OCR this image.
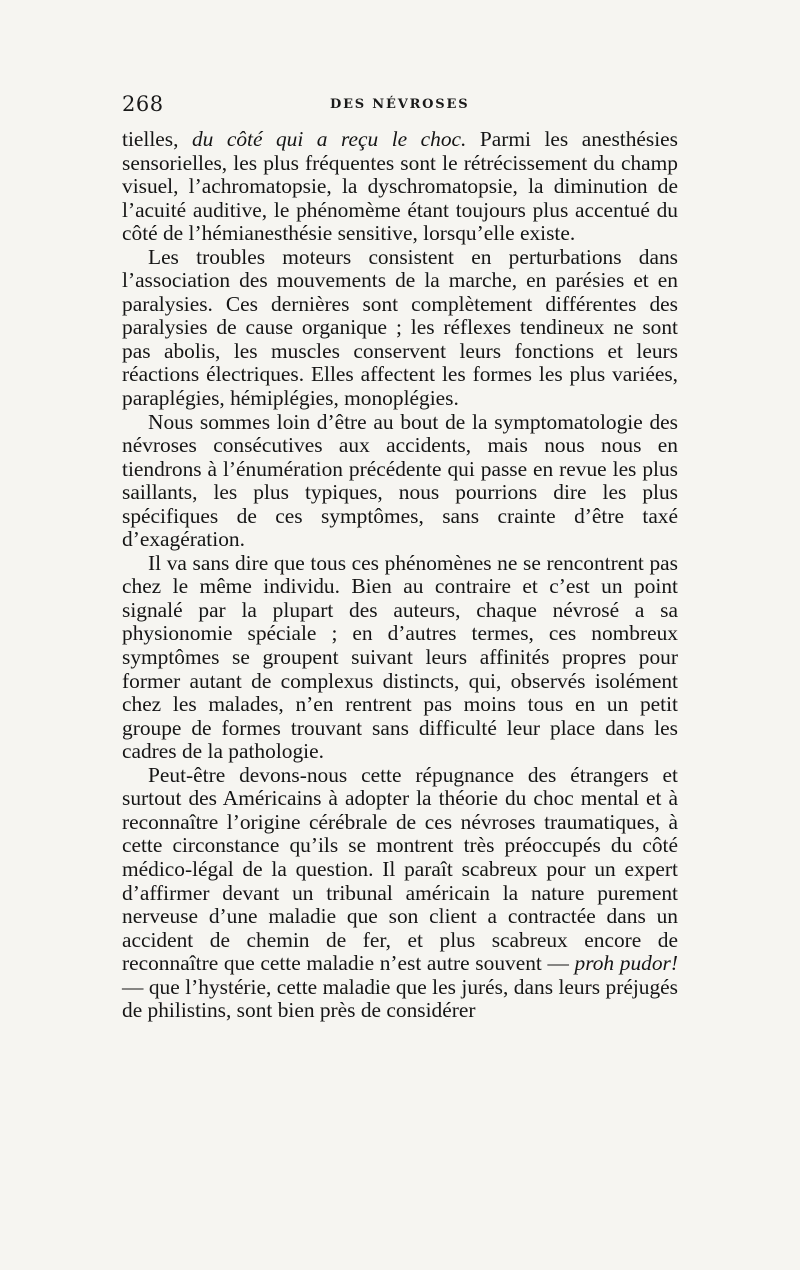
268	DES NÉVROSES

tielles, du côté qui a reçu le choc. Parmi les anesthésies sensorielles, les plus fréquentes sont le rétrécissement du champ visuel, l’achromatopsie, la dyschromatopsie, la diminution de l’acuité auditive, le phénomème étant toujours plus accentué du côté de l’hémianesthésie sensitive, lorsqu’elle existe.

Les troubles moteurs consistent en perturbations dans l’association des mouvements de la marche, en parésies et en paralysies. Ces dernières sont complètement différentes des paralysies de cause organique ; les réflexes tendineux ne sont pas abolis, les muscles conservent leurs fonctions et leurs réactions électriques. Elles affectent les formes les plus variées, paraplégies, hémiplégies, monoplégies.

Nous sommes loin d’être au bout de la symptomatologie des névroses consécutives aux accidents, mais nous nous en tiendrons à l’énumération précédente qui passe en revue les plus saillants, les plus typiques, nous pourrions dire les plus spécifiques de ces symptômes, sans crainte d’être taxé d’exagération.

Il va sans dire que tous ces phénomènes ne se rencontrent pas chez le même individu. Bien au contraire et c’est un point signalé par la plupart des auteurs, chaque névrosé a sa physionomie spéciale ; en d’autres termes, ces nombreux symptômes se groupent suivant leurs affinités propres pour former autant de complexus distincts, qui, observés isolément chez les malades, n’en rentrent pas moins tous en un petit groupe de formes trouvant sans difficulté leur place dans les cadres de la pathologie.

Peut-être devons-nous cette répugnance des étrangers et surtout des Américains à adopter la théorie du choc mental et à reconnaître l’origine cérébrale de ces névroses traumatiques, à cette circonstance qu’ils se montrent très préoccupés du côté médico-légal de la question. Il paraît scabreux pour un expert d’affirmer devant un tribunal américain la nature purement nerveuse d’une maladie que son client a contractée dans un accident de chemin de fer, et plus scabreux encore de reconnaître que cette maladie n’est autre souvent — proh pudor! — que l’hystérie, cette maladie que les jurés, dans leurs préjugés de philistins, sont bien près de considérer
